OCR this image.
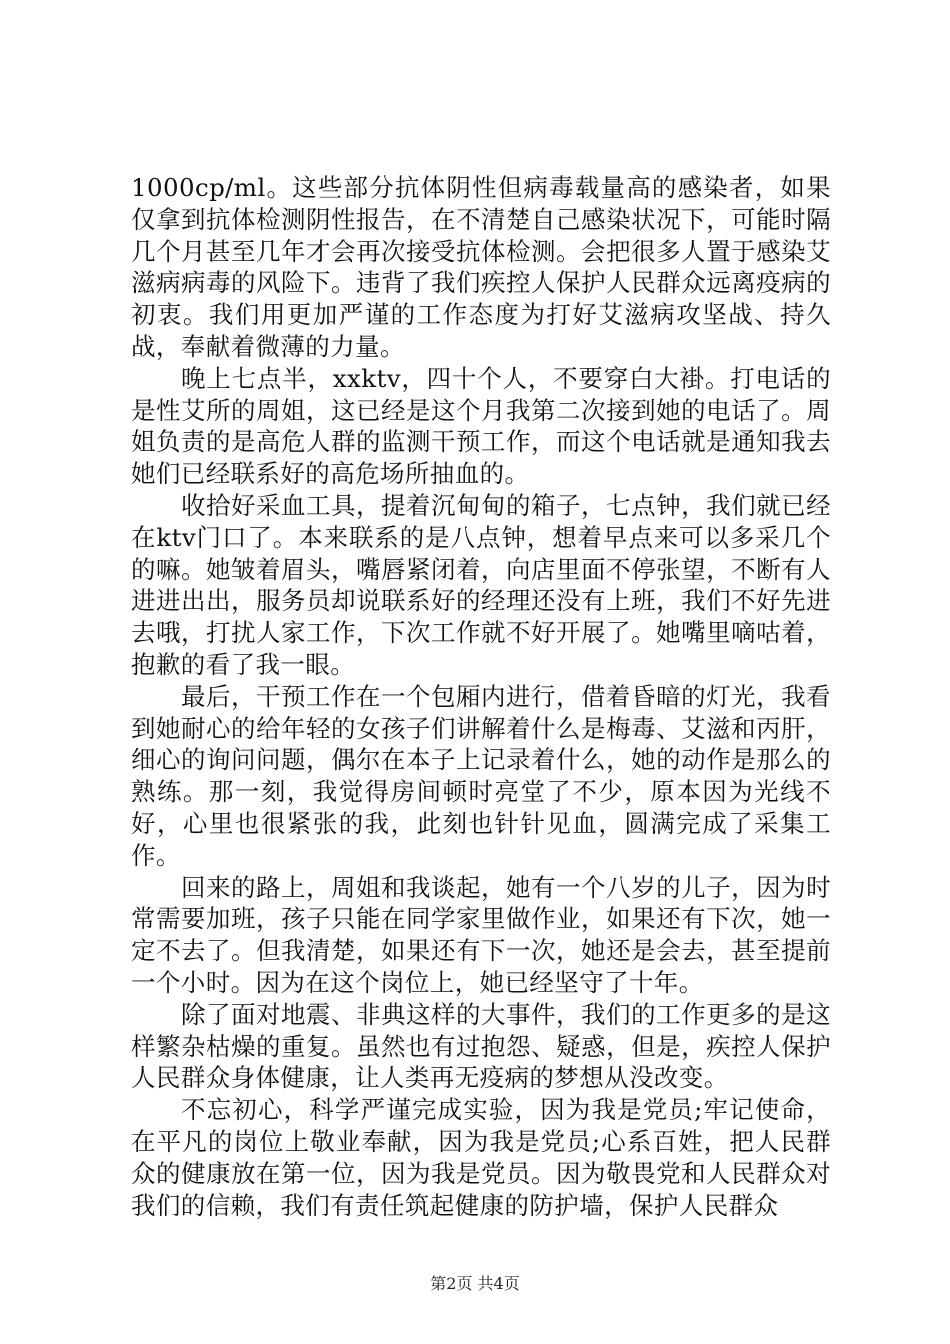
1000cp/ml。这些部分抗体阴性但病毒载量高的感染者，如果仅拿到抗体检测阴性报告，在不清楚自己感染状况下，可能时隔几个月甚至几年才会再次接受抗体检测。会把很多人置于感染艾滋病病毒的风险下。违背了我们疾控人保护人民群众远离疫病的初衷。我们用更加严谨的工作态度为打好艾滋病攻坚战、持久战，奉献着微薄的力量。

晚上七点半，xxktv，四十个人，不要穿白大褂。打电话的是性艾所的周姐，这已经是这个月我第二次接到她的电话了。周姐负责的是高危人群的监测干预工作，而这个电话就是通知我去她们已经联系好的高危场所抽血的。

收拾好采血工具，提着沉甸甸的箱子，七点钟，我们就已经在ktv门口了。本来联系的是八点钟，想着早点来可以多采几个的嘛。她皱着眉头，嘴唇紧闭着，向店里面不停张望，不断有人进进出出，服务员却说联系好的经理还没有上班，我们不好先进去哦，打扰人家工作，下次工作就不好开展了。她嘴里嘀咕着，抱歉的看了我一眼。

最后，干预工作在一个包厢内进行，借着昏暗的灯光，我看到她耐心的给年轻的女孩子们讲解着什么是梅毒、艾滋和丙肝，细心的询问问题，偶尔在本子上记录着什么，她的动作是那么的熟练。那一刻，我觉得房间顿时亮堂了不少，原本因为光线不好，心里也很紧张的我，此刻也针针见血，圆满完成了采集工作。

回来的路上，周姐和我谈起，她有一个八岁的儿子，因为时常需要加班，孩子只能在同学家里做作业，如果还有下次，她一定不去了。但我清楚，如果还有下一次，她还是会去，甚至提前一个小时。因为在这个岗位上，她已经坚守了十年。

除了面对地震、非典这样的大事件，我们的工作更多的是这样繁杂枯燥的重复。虽然也有过抱怨、疑惑，但是，疾控人保护人民群众身体健康，让人类再无疫病的梦想从没改变。

不忘初心，科学严谨完成实验，因为我是党员;牢记使命，在平凡的岗位上敬业奉献，因为我是党员;心系百姓，把人民群众的健康放在第一位，因为我是党员。因为敬畏党和人民群众对我们的信赖，我们有责任筑起健康的防护墙，保护人民群众

第2页 共4页
